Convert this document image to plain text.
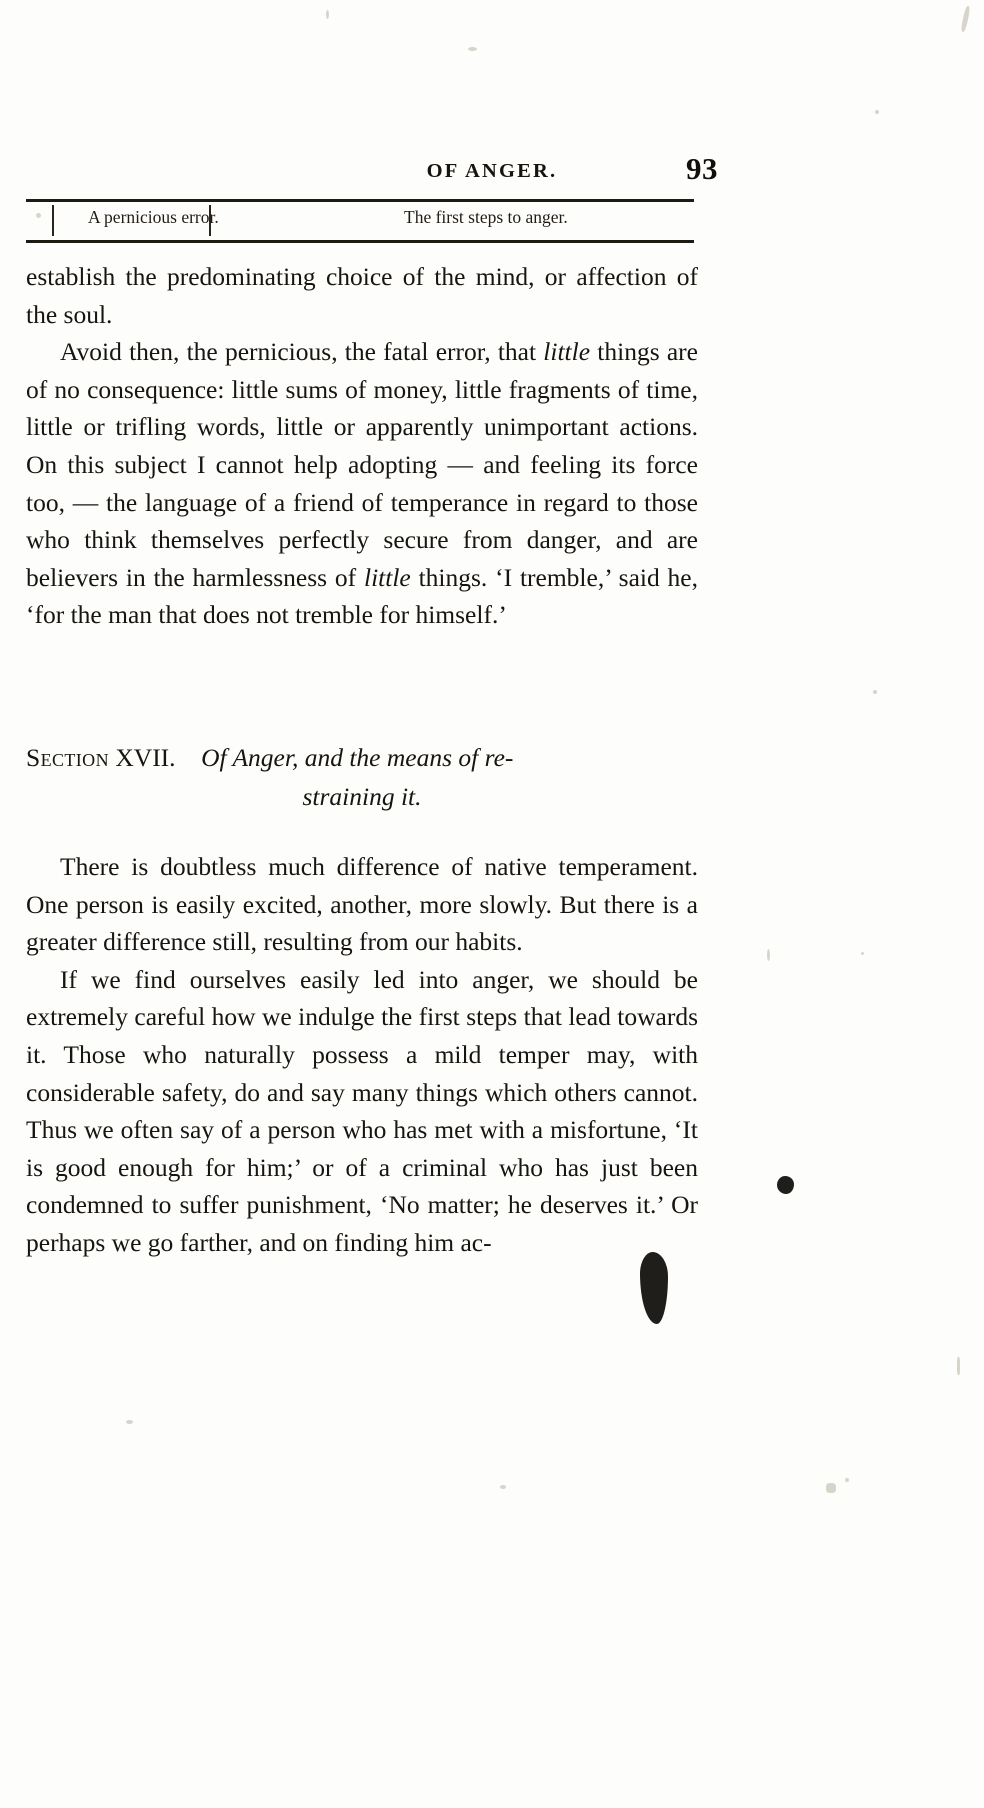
OF ANGER.	93
A pernicious error.	The first steps to anger.

establish the predominating choice of the mind, or affection of the soul.

Avoid then, the pernicious, the fatal error, that little things are of no consequence: little sums of money, little fragments of time, little or trifling words, little or apparently unimportant actions. On this subject I cannot help adopting — and feeling its force too, — the language of a friend of temperance in regard to those who think themselves perfectly secure from danger, and are believers in the harmlessness of little things. ‘I tremble,’ said he, ‘for the man that does not tremble for himself.’

Section XVII. Of Anger, and the means of re-
straining it.

There is doubtless much difference of native temperament. One person is easily excited, another, more slowly. But there is a greater difference still, resulting from our habits.

If we find ourselves easily led into anger, we should be extremely careful how we indulge the first steps that lead towards it. Those who naturally possess a mild temper may, with considerable safety, do and say many things which others cannot. Thus we often say of a person who has met with a misfortune, ‘It is good enough for him;’ or of a criminal who has just been condemned to suffer punishment, ‘No matter; he deserves it.’ Or perhaps we go farther, and on finding him ac-
